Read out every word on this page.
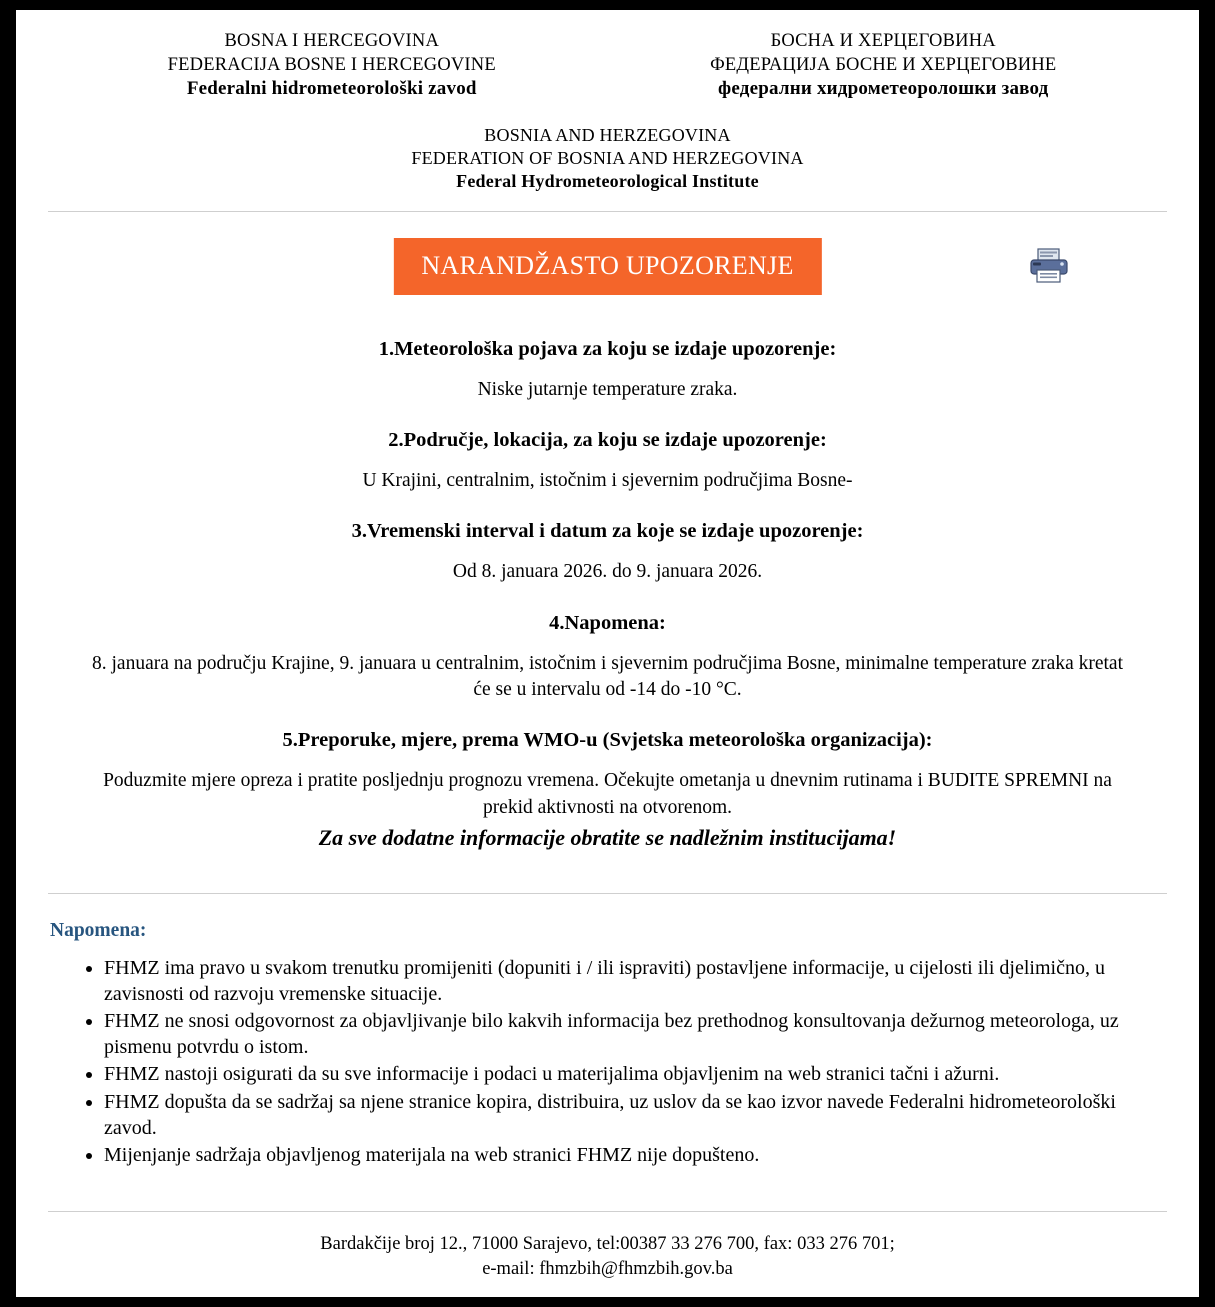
BOSNA I HERCEGOVINA
FEDERACIJA BOSNE I HERCEGOVINE
Federalni hidrometeorološki zavod
БОСНА И ХЕРЦЕГОВИНА
ФЕДЕРАЦИЈА БОСНЕ И ХЕРЦЕГОВИНЕ
федерални хидрометеоролошки завод
BOSNIA AND HERZEGOVINA
FEDERATION OF BOSNIA AND HERZEGOVINA
Federal Hydrometeorological Institute
NARANDŽASTO UPOZORENJE
1.Meteorološka pojava za koju se izdaje upozorenje:
Niske jutarnje temperature zraka.
2.Područje, lokacija, za koju se izdaje upozorenje:
U Krajini, centralnim, istočnim i sjevernim područjima Bosne-
3.Vremenski interval i datum za koje se izdaje upozorenje:
Od 8. januara 2026. do 9. januara 2026.
4.Napomena:
8. januara na području Krajine, 9. januara u centralnim, istočnim i sjevernim područjima Bosne, minimalne temperature zraka kretat će se u intervalu od -14 do -10 °C.
5.Preporuke, mjere, prema WMO-u (Svjetska meteorološka organizacija):
Poduzmite mjere opreza i pratite posljednju prognozu vremena. Očekujte ometanja u dnevnim rutinama i BUDITE SPREMNI na prekid aktivnosti na otvorenom.
Za sve dodatne informacije obratite se nadležnim institucijama!
Napomena:
• FHMZ ima pravo u svakom trenutku promijeniti (dopuniti i / ili ispraviti) postavljene informacije, u cijelosti ili djelimično, u zavisnosti od razvoju vremenske situacije.
• FHMZ ne snosi odgovornost za objavljivanje bilo kakvih informacija bez prethodnog konsultovanja dežurnog meteorologa, uz pismenu potvrdu o istom.
• FHMZ nastoji osigurati da su sve informacije i podaci u materijalima objavljenim na web stranici tačni i ažurni.
• FHMZ dopušta da se sadržaj sa njene stranice kopira, distribuira, uz uslov da se kao izvor navede Federalni hidrometeorološki zavod.
• Mijenjanje sadržaja objavljenog materijala na web stranici FHMZ nije dopušteno.
Bardakčije broj 12., 71000 Sarajevo, tel:00387 33 276 700, fax: 033 276 701;
e-mail: fhmzbih@fhmzbih.gov.ba
